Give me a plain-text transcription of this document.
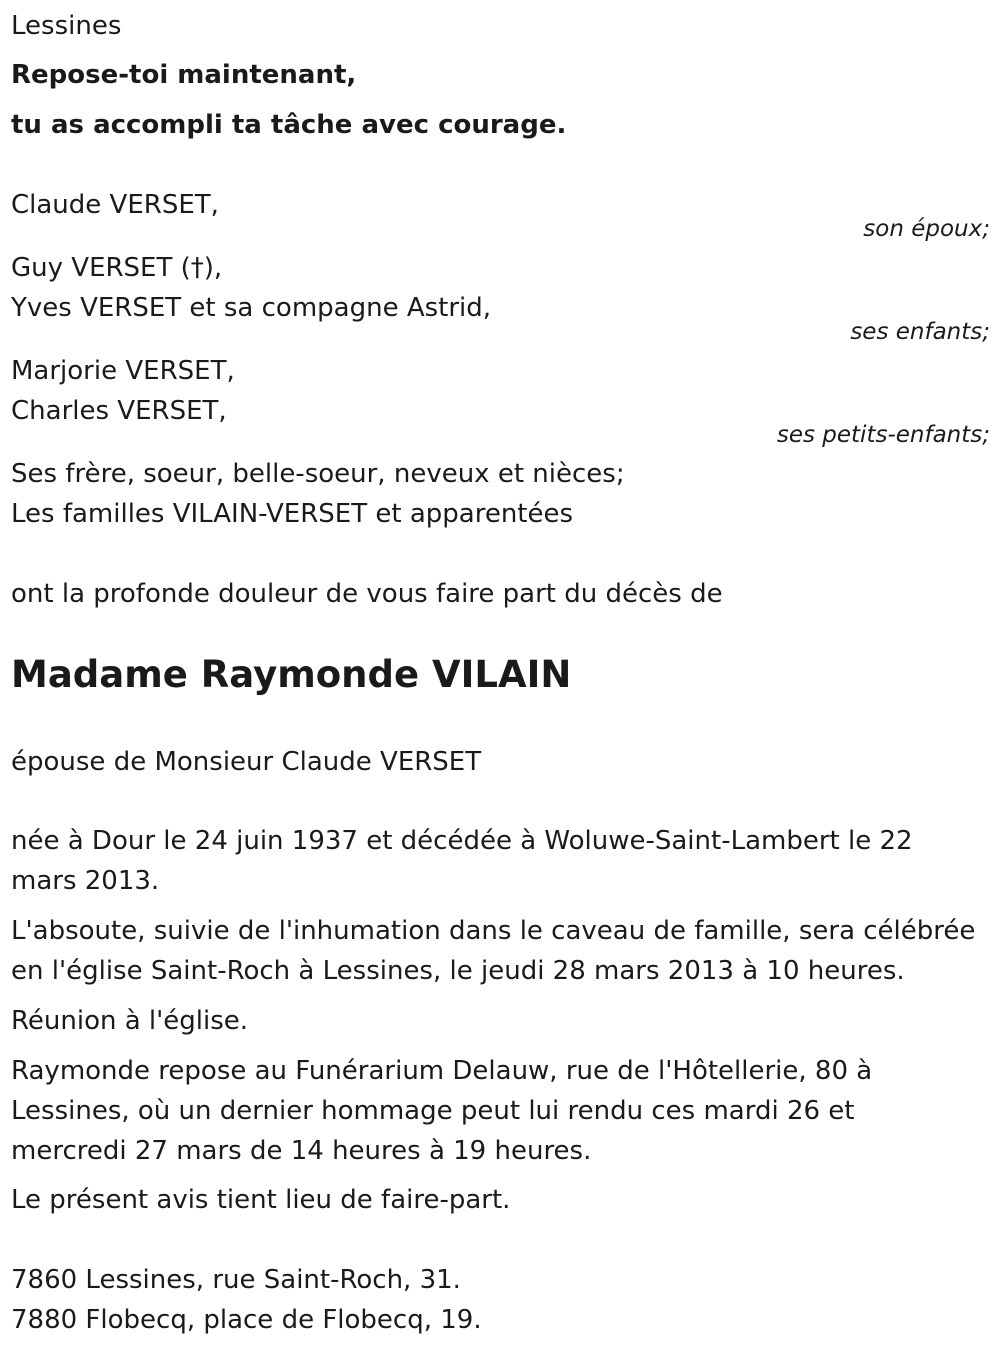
Lessines
Repose-toi maintenant,
tu as accompli ta tâche avec courage.
Claude VERSET,
son époux;
Guy VERSET (†),
Yves VERSET et sa compagne Astrid,
ses enfants;
Marjorie VERSET,
Charles VERSET,
ses petits-enfants;
Ses frère, soeur, belle-soeur, neveux et nièces;
Les familles VILAIN-VERSET et apparentées
ont la profonde douleur de vous faire part du décès de
Madame Raymonde VILAIN
épouse de Monsieur Claude VERSET
née à Dour le 24 juin 1937 et décédée à Woluwe-Saint-Lambert le 22
mars 2013.
L'absoute, suivie de l'inhumation dans le caveau de famille, sera célébrée
en l'église Saint-Roch à Lessines, le jeudi 28 mars 2013 à 10 heures.
Réunion à l'église.
Raymonde repose au Funérarium Delauw, rue de l'Hôtellerie, 80 à
Lessines, où un dernier hommage peut lui rendu ces mardi 26 et
mercredi 27 mars de 14 heures à 19 heures.
Le présent avis tient lieu de faire-part.
7860 Lessines, rue Saint-Roch, 31.
7880 Flobecq, place de Flobecq, 19.
